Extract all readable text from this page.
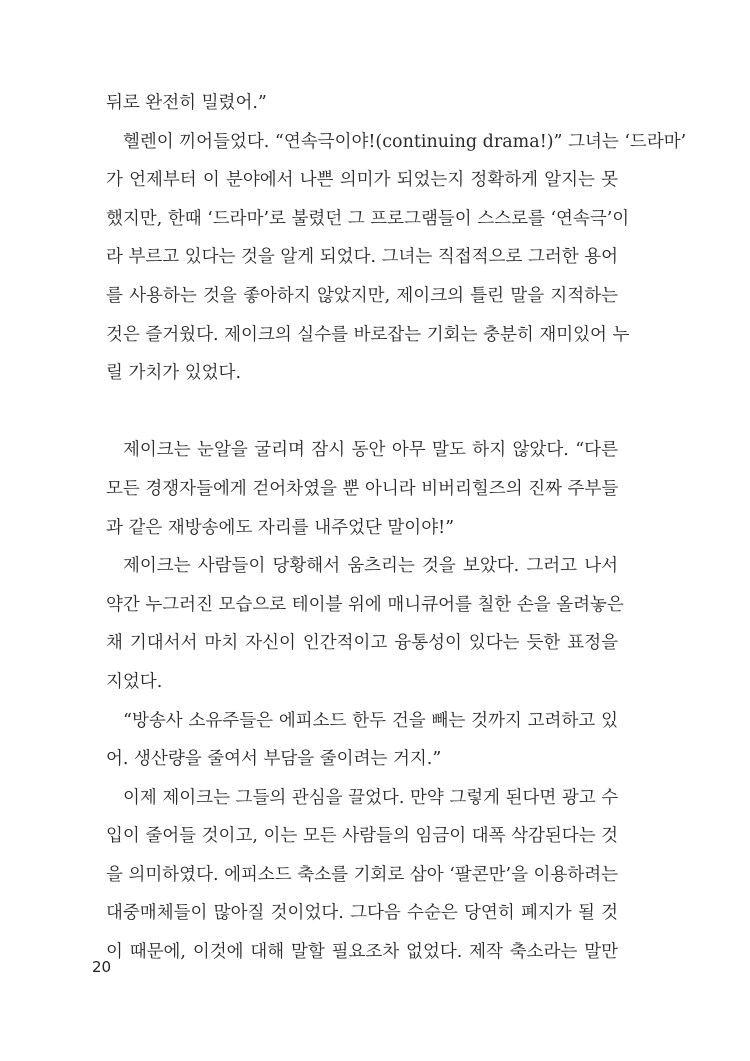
뒤로 완전히 밀렸어.”
헬렌이 끼어들었다. “연속극이야!(continuing drama!)” 그녀는 ‘드라마’
가 언제부터 이 분야에서 나쁜 의미가 되었는지 정확하게 알지는 못
했지만, 한때 ‘드라마’로 불렸던 그 프로그램들이 스스로를 ‘연속극’이
라 부르고 있다는 것을 알게 되었다. 그녀는 직접적으로 그러한 용어
를 사용하는 것을 좋아하지 않았지만, 제이크의 틀린 말을 지적하는
것은 즐거웠다. 제이크의 실수를 바로잡는 기회는 충분히 재미있어 누
릴 가치가 있었다.
제이크는 눈알을 굴리며 잠시 동안 아무 말도 하지 않았다. “다른
모든 경쟁자들에게 걷어차였을 뿐 아니라 비버리힐즈의 진짜 주부들
과 같은 재방송에도 자리를 내주었단 말이야!”
제이크는 사람들이 당황해서 움츠리는 것을 보았다. 그러고 나서
약간 누그러진 모습으로 테이블 위에 매니큐어를 칠한 손을 올려놓은
채 기대서서 마치 자신이 인간적이고 융통성이 있다는 듯한 표정을
지었다.
“방송사 소유주들은 에피소드 한두 건을 빼는 것까지 고려하고 있
어. 생산량을 줄여서 부담을 줄이려는 거지.”
이제 제이크는 그들의 관심을 끌었다. 만약 그렇게 된다면 광고 수
입이 줄어들 것이고, 이는 모든 사람들의 임금이 대폭 삭감된다는 것
을 의미하였다. 에피소드 축소를 기회로 삼아 ‘팔콘만’을 이용하려는
대중매체들이 많아질 것이었다. 그다음 수순은 당연히 폐지가 될 것
이 때문에, 이것에 대해 말할 필요조차 없었다. 제작 축소라는 말만
20
